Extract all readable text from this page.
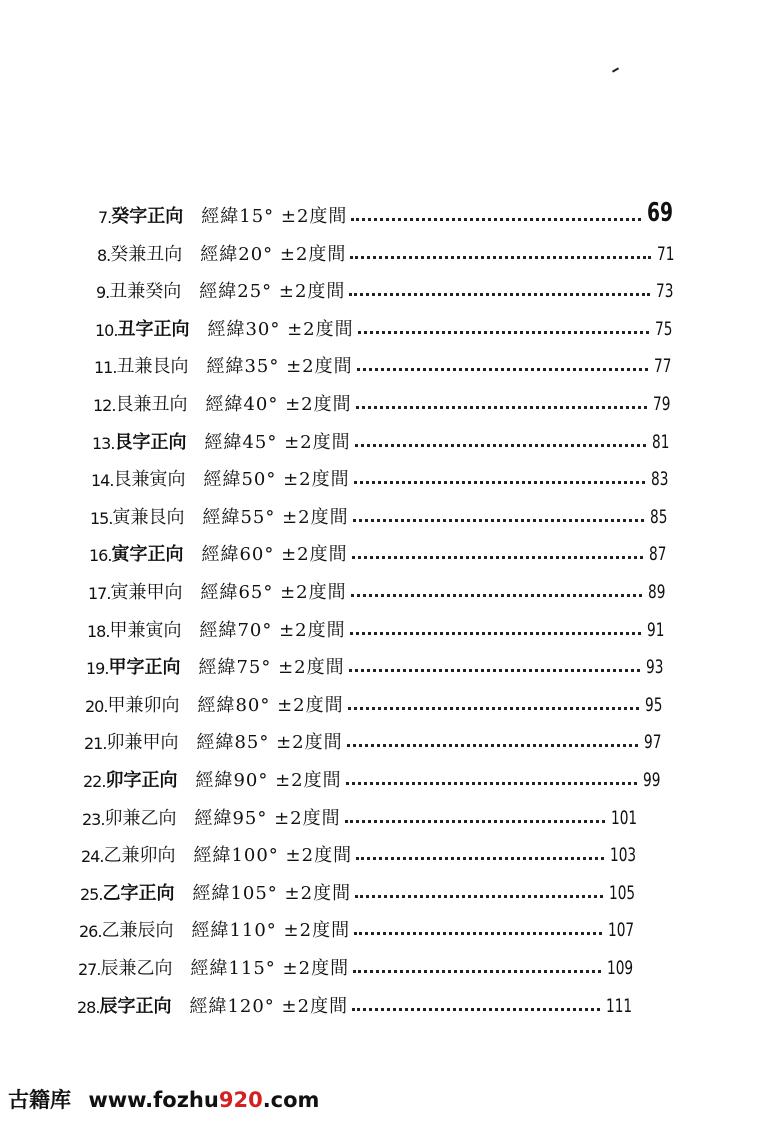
7. 癸字正向 經緯15° ±2度間	69
8. 癸兼丑向 經緯20° ±2度間	71
9. 丑兼癸向 經緯25° ±2度間	73
10. 丑字正向 經緯30° ±2度間	75
11. 丑兼艮向 經緯35° ±2度間	77
12. 艮兼丑向 經緯40° ±2度間	79
13. 艮字正向 經緯45° ±2度間	81
14. 艮兼寅向 經緯50° ±2度間	83
15. 寅兼艮向 經緯55° ±2度間	85
16. 寅字正向 經緯60° ±2度間	87
17. 寅兼甲向 經緯65° ±2度間	89
18. 甲兼寅向 經緯70° ±2度間	91
19. 甲字正向 經緯75° ±2度間	93
20. 甲兼卯向 經緯80° ±2度間	95
21. 卯兼甲向 經緯85° ±2度間	97
22. 卯字正向 經緯90° ±2度間	99
23. 卯兼乙向 經緯95° ±2度間	101
24. 乙兼卯向 經緯100° ±2度間	103
25. 乙字正向 經緯105° ±2度間	105
26. 乙兼辰向 經緯110° ±2度間	107
27. 辰兼乙向 經緯115° ±2度間	109
28. 辰字正向 經緯120° ±2度間	111
古籍库 www.fozhu920.com
